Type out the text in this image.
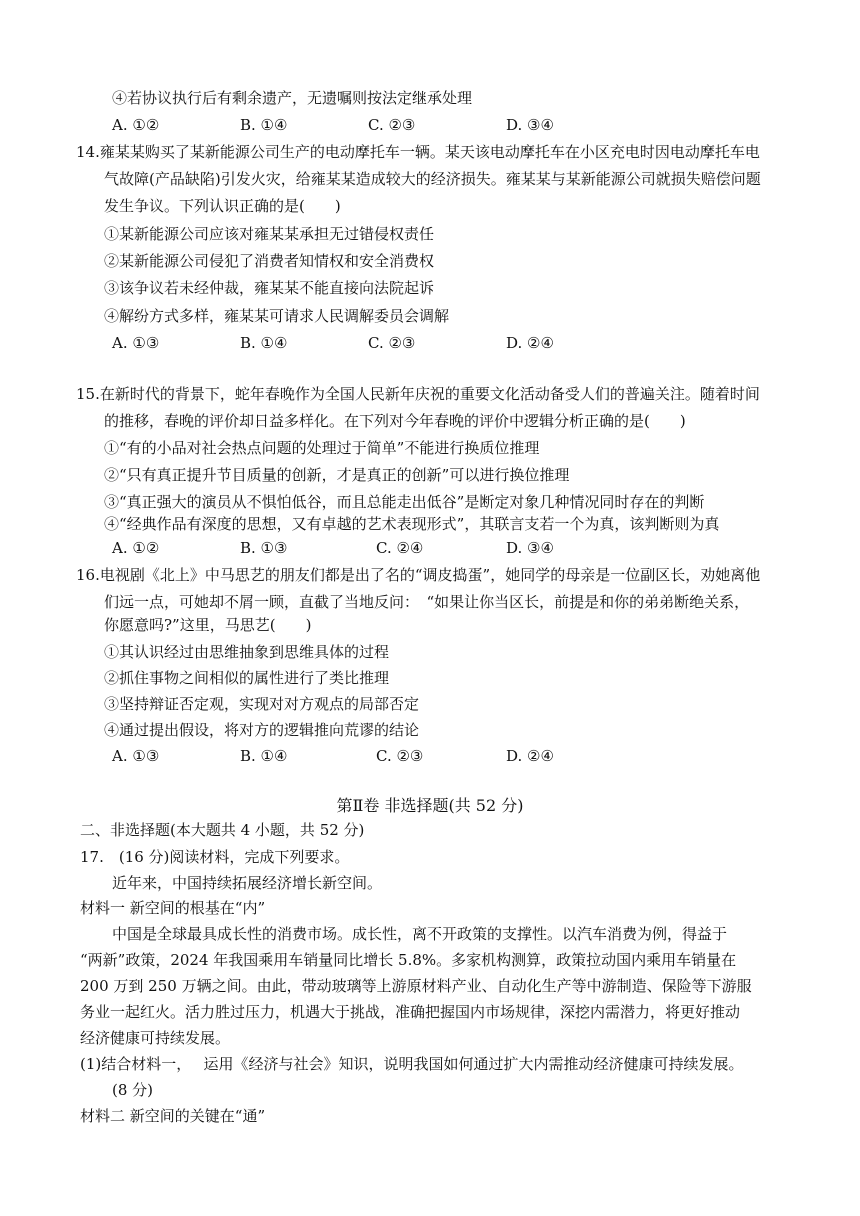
④若协议执行后有剩余遗产，无遗嘱则按法定继承处理
A. ①②	B. ①④	C. ②③	D. ③④
14.雍某某购买了某新能源公司生产的电动摩托车一辆。某天该电动摩托车在小区充电时因电动摩托车电
气故障(产品缺陷)引发火灾，给雍某某造成较大的经济损失。雍某某与某新能源公司就损失赔偿问题
发生争议。下列认识正确的是(　　)
①某新能源公司应该对雍某某承担无过错侵权责任
②某新能源公司侵犯了消费者知情权和安全消费权
③该争议若未经仲裁，雍某某不能直接向法院起诉
④解纷方式多样，雍某某可请求人民调解委员会调解
A. ①③	B. ①④	C. ②③	D. ②④
15.在新时代的背景下，蛇年春晚作为全国人民新年庆祝的重要文化活动备受人们的普遍关注。随着时间
的推移，春晚的评价却日益多样化。在下列对今年春晚的评价中逻辑分析正确的是(　　)
①“有的小品对社会热点问题的处理过于简单”不能进行换质位推理
②“只有真正提升节目质量的创新，才是真正的创新”可以进行换位推理
③“真正强大的演员从不惧怕低谷，而且总能走出低谷”是断定对象几种情况同时存在的判断
④“经典作品有深度的思想，又有卓越的艺术表现形式”，其联言支若一个为真，该判断则为真
A. ①②	B. ①③	C. ②④	D. ③④
16.电视剧《北上》中马思艺的朋友们都是出了名的“调皮捣蛋”，她同学的母亲是一位副区长，劝她离他
们远一点，可她却不屑一顾，直截了当地反问：　“如果让你当区长，前提是和你的弟弟断绝关系，
你愿意吗?”这里，马思艺(　　)
①其认识经过由思维抽象到思维具体的过程
②抓住事物之间相似的属性进行了类比推理
③坚持辩证否定观，实现对对方观点的局部否定
④通过提出假设，将对方的逻辑推向荒谬的结论
A. ①③	B. ①④	C. ②③	D. ②④
第Ⅱ卷 非选择题(共 52 分)
二、非选择题(本大题共 4 小题，共 52 分)
17.　(16 分)阅读材料，完成下列要求。
近年来，中国持续拓展经济增长新空间。
材料一 新空间的根基在“内”
中国是全球最具成长性的消费市场。成长性，离不开政策的支撑性。以汽车消费为例，得益于
“两新”政策，2024 年我国乘用车销量同比增长 5.8%。多家机构测算，政策拉动国内乘用车销量在
200 万到 250 万辆之间。由此，带动玻璃等上游原材料产业、自动化生产等中游制造、保险等下游服
务业一起红火。活力胜过压力，机遇大于挑战，准确把握国内市场规律，深挖内需潜力，将更好推动
经济健康可持续发展。
(1)结合材料一，　 运用《经济与社会》知识，说明我国如何通过扩大内需推动经济健康可持续发展。
(8 分)
材料二 新空间的关键在“通”
